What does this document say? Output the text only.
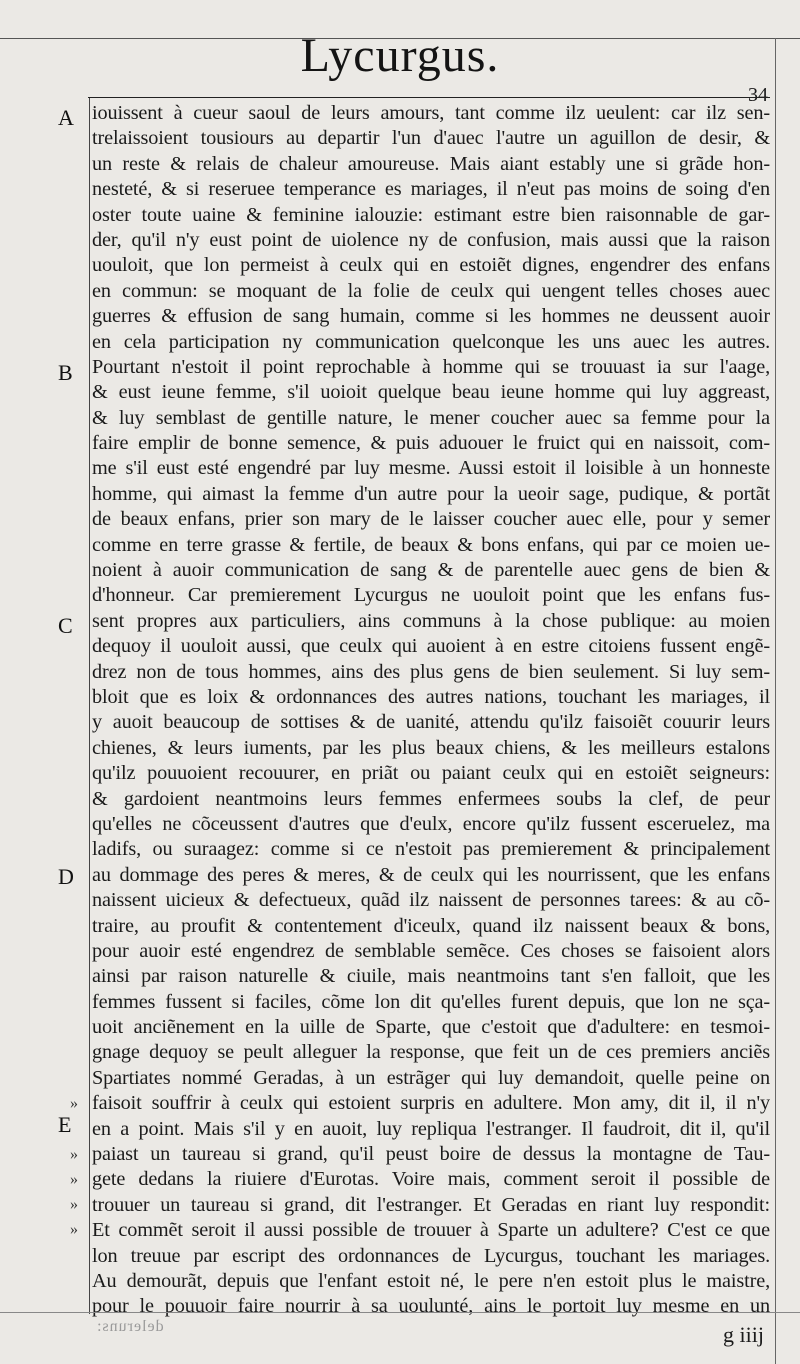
Lycurgus.
34
A
B
C
D
E
»
»
»
»
»
iouissent à cueur saoul de leurs amours, tant comme ilz ueulent: car ilz sen-
trelaissoient tousiours au departir l'un d'auec l'autre un aguillon de desir, &
un reste & relais de chaleur amoureuse. Mais aiant estably une si grãde hon-
nesteté, & si reseruee temperance es mariages, il n'eut pas moins de soing d'en
oster toute uaine & feminine ialouzie: estimant estre bien raisonnable de gar-
der, qu'il n'y eust point de uiolence ny de confusion, mais aussi que la raison
uouloit, que lon permeist à ceulx qui en estoiẽt dignes, engendrer des enfans
en commun: se moquant de la folie de ceulx qui uengent telles choses auec
guerres & effusion de sang humain, comme si les hommes ne deussent auoir
en cela participation ny communication quelconque les uns auec les autres.
Pourtant n'estoit il point reprochable à homme qui se trouuast ia sur l'aage,
& eust ieune femme, s'il uoioit quelque beau ieune homme qui luy aggreast,
& luy semblast de gentille nature, le mener coucher auec sa femme pour la
faire emplir de bonne semence, & puis aduouer le fruict qui en naissoit, com-
me s'il eust esté engendré par luy mesme. Aussi estoit il loisible à un honneste
homme, qui aimast la femme d'un autre pour la ueoir sage, pudique, & portãt
de beaux enfans, prier son mary de le laisser coucher auec elle, pour y semer
comme en terre grasse & fertile, de beaux & bons enfans, qui par ce moien ue-
noient à auoir communication de sang & de parentelle auec gens de bien &
d'honneur. Car premierement Lycurgus ne uouloit point que les enfans fus-
sent propres aux particuliers, ains communs à la chose publique: au moien
dequoy il uouloit aussi, que ceulx qui auoient à en estre citoiens fussent engẽ-
drez non de tous hommes, ains des plus gens de bien seulement. Si luy sem-
bloit que es loix & ordonnances des autres nations, touchant les mariages, il
y auoit beaucoup de sottises & de uanité, attendu qu'ilz faisoiẽt couurir leurs
chienes, & leurs iuments, par les plus beaux chiens, & les meilleurs estalons
qu'ilz pouuoient recouurer, en priãt ou paiant ceulx qui en estoiẽt seigneurs:
& gardoient neantmoins leurs femmes enfermees soubs la clef, de peur
qu'elles ne cõceussent d'autres que d'eulx, encore qu'ilz fussent esceruelez, ma
ladifs, ou suraagez: comme si ce n'estoit pas premierement & principalement
au dommage des peres & meres, & de ceulx qui les nourrissent, que les enfans
naissent uicieux & defectueux, quãd ilz naissent de personnes tarees: & au cõ-
traire, au proufit & contentement d'iceulx, quand ilz naissent beaux & bons,
pour auoir esté engendrez de semblable semẽce. Ces choses se faisoient alors
ainsi par raison naturelle & ciuile, mais neantmoins tant s'en falloit, que les
femmes fussent si faciles, cõme lon dit qu'elles furent depuis, que lon ne sça-
uoit anciẽnement en la uille de Sparte, que c'estoit que d'adultere: en tesmoi-
gnage dequoy se peult alleguer la response, que feit un de ces premiers anciẽs
Spartiates nommé Geradas, à un estrãger qui luy demandoit, quelle peine on
faisoit souffrir à ceulx qui estoient surpris en adultere. Mon amy, dit il, il n'y
en a point. Mais s'il y en auoit, luy repliqua l'estranger. Il faudroit, dit il, qu'il
paiast un taureau si grand, qu'il peust boire de dessus la montagne de Tau-
gete dedans la riuiere d'Eurotas. Voire mais, comment seroit il possible de
trouuer un taureau si grand, dit l'estranger. Et Geradas en riant luy respondit:
Et commẽt seroit il aussi possible de trouuer à Sparte un adultere? C'est ce que
lon treuue par escript des ordonnances de Lycurgus, touchant les mariages.
Au demourãt, depuis que l'enfant estoit né, le pere n'en estoit plus le maistre,
pour le pouuoir faire nourrir à sa uoulunté, ains le portoit luy mesme en un
deleruns:	g iiij
